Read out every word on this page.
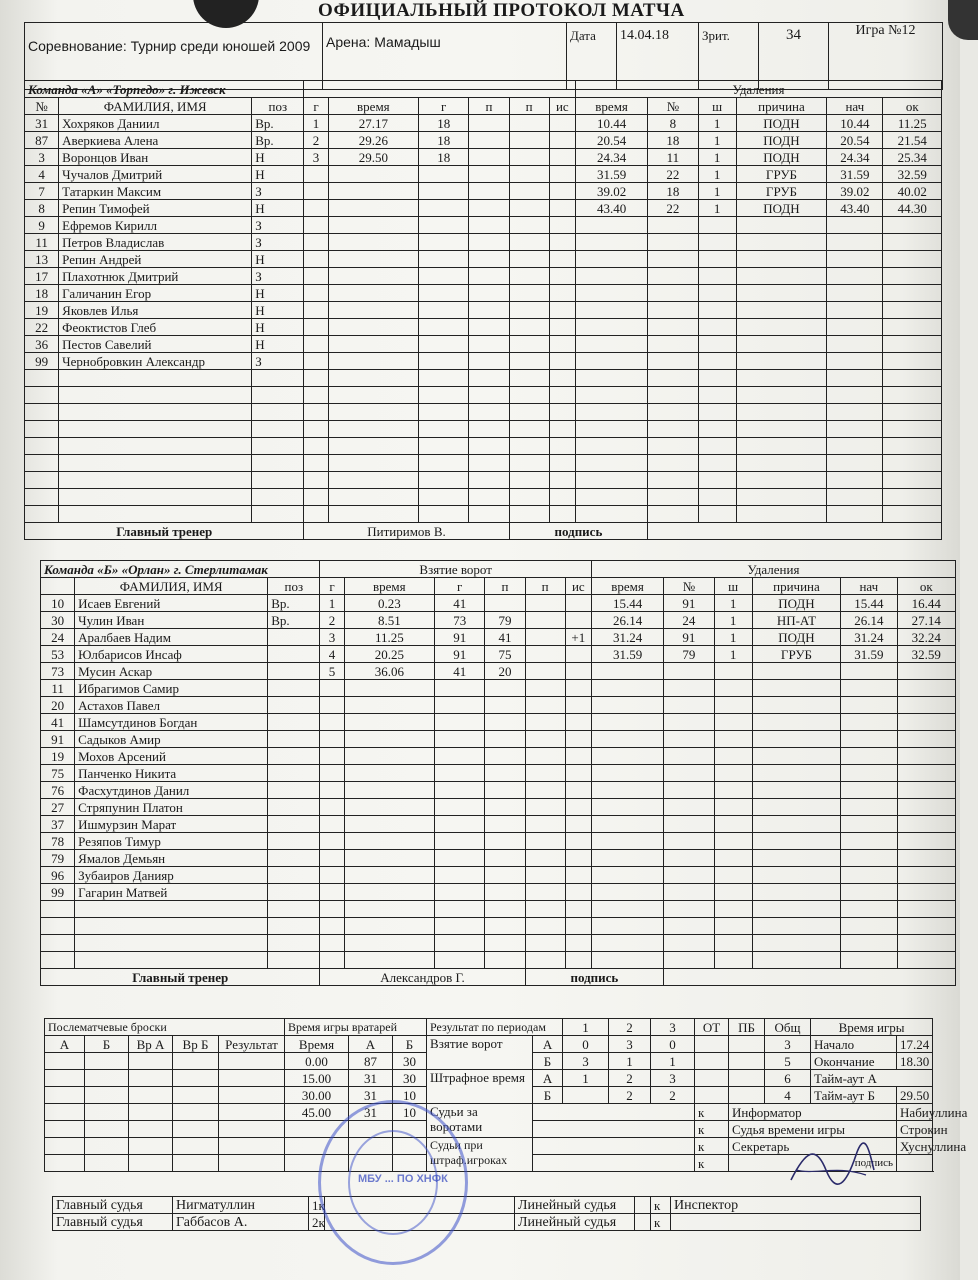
ОФИЦИАЛЬНЫЙ ПРОТОКОЛ МАТЧА
Соревнование: Турнир среди юношей 2009	Арена: Мамадыш	Дата	14.04.18	Зрит.	34	Игра №12
Команда «А» «Торпедо» г. Ижевск									Удаления					
№	ФАМИЛИЯ, ИМЯ	поз	г	время	г	п	п	ис	время	№	ш	причина	нач	ок
31	Хохряков Даниил	Вр.	1	27.17	18				10.44	8	1	ПОДН	10.44	11.25
87	Аверкиева Алена	Вр.	2	29.26	18				20.54	18	1	ПОДН	20.54	21.54
3	Воронцов Иван	Н	3	29.50	18				24.34	11	1	ПОДН	24.34	25.34
4	Чучалов Дмитрий	Н							31.59	22	1	ГРУБ	31.59	32.59
7	Татаркин Максим	З							39.02	18	1	ГРУБ	39.02	40.02
8	Репин Тимофей	Н							43.40	22	1	ПОДН	43.40	44.30
9	Ефремов Кирилл	З												
11	Петров Владислав	З												
13	Репин Андрей	Н												
17	Плахотнюк Дмитрий	З												
18	Галичанин Егор	Н												
19	Яковлев Илья	Н												
22	Феоктистов Глеб	Н												
36	Пестов Савелий	Н												
99	Чернобровкин Александр	З												

Главный тренер			Питиримов В.				подпись							
Команда «Б» «Орлан» г. Стерлитамак			Взятие ворот						Удаления					
	ФАМИЛИЯ, ИМЯ	поз	г	время	г	п	п	ис	время	№	ш	причина	нач	ок
10	Исаев Евгений	Вр.	1	0.23	41				15.44	91	1	ПОДН	15.44	16.44
30	Чулин Иван	Вр.	2	8.51	73	79			26.14	24	1	НП-АТ	26.14	27.14
24	Аралбаев Надим		3	11.25	91	41		+1	31.24	91	1	ПОДН	31.24	32.24
53	Юлбарисов Инсаф		4	20.25	91	75			31.59	79	1	ГРУБ	31.59	32.59
73	Мусин Аскар		5	36.06	41	20								
11	Ибрагимов Самир													
20	Астахов Павел													
41	Шамсутдинов Богдан													
91	Садыков Амир													
19	Мохов Арсений													
75	Панченко Никита													
76	Фасхутдинов Данил													
27	Стряпунин Платон													
37	Ишмурзин Марат													
78	Резяпов Тимур													
79	Ямалов Демьян													
96	Зубаиров Данияр													
99	Гагарин Матвей													

Главный тренер			Александров Г.				подпись							
Послематчевые броски					Время игры вратарей			Результат по периодам		1	2	3	ОТ	ПБ	Общ	Время игры		
А	Б	Вр А	Вр Б	Результат	Время	А	Б	Взятие ворот	А	0	3	0			3	Начало	17.24	
					0.00	87	30		Б	3	1	1			5	Окончание	18.30	
					15.00	31	30	Штрафное время	А	1	2	3			6	Тайм-аут А		
					30.00	31	10		Б		2	2			4	Тайм-аут Б	29.50	
					45.00	31	10	Судьи за воротами					к	Информатор			Набиуллина	
													к	Судья времени игры			Строкин	
								Судьи при штраф.игроках					к	Секретарь			Хуснуллина	
													к	подпись				
Главный судья	Нигматуллин	1к		Линейный судья		к	Инспектор
Главный судья	Габбасов А.	2к		Линейный судья		к	
МБУ ... ПО ХНФК
